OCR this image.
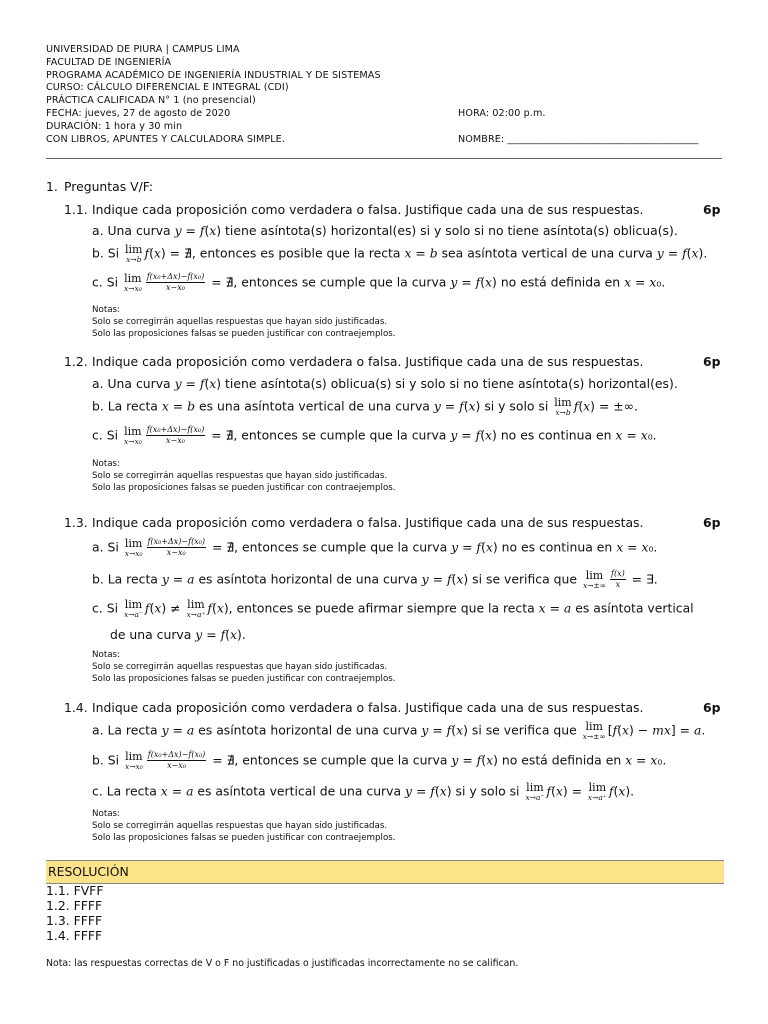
UNIVERSIDAD DE PIURA | CAMPUS LIMA
FACULTAD DE INGENIERÍA
PROGRAMA ACADÉMICO DE INGENIERÍA INDUSTRIAL Y DE SISTEMAS
CURSO: CÁLCULO DIFERENCIAL E INTEGRAL (CDI)
PRÁCTICA CALIFICADA N° 1 (no presencial)
FECHA: jueves, 27 de agosto de 2020	HORA: 02:00 p.m.
DURACIÓN: 1 hora y 30 min
CON LIBROS, APUNTES Y CALCULADORA SIMPLE.	NOMBRE: _______________________________________
1. Preguntas V/F:
1.1. Indique cada proposición como verdadera o falsa. Justifique cada una de sus respuestas.	6p
a. Una curva y = f(x) tiene asíntota(s) horizontal(es) si y solo si no tiene asíntota(s) oblicua(s).
b. Si lim
x→b f(x) = ∄, entonces es posible que la recta x = b sea asíntota vertical de una curva y = f(x).
c. Si lim
$x\to x_0 \frac{\text{f(x₀+Δx)−f(x₀)}}{\text{x−x₀}}$ = ∄, entonces se cumple que la curva y = f(x) no está definida en x = x₀.
Notas:
Solo se corregirrán aquellas respuestas que hayan sido justificadas.
Solo las proposiciones falsas se pueden justificar con contraejemplos.
1.2. Indique cada proposición como verdadera o falsa. Justifique cada una de sus respuestas.	6p
a. Una curva y = f(x) tiene asíntota(s) oblicua(s) si y solo si no tiene asíntota(s) horizontal(es).
b. La recta x = b es una asíntota vertical de una curva y = f(x) si y solo si lim
x→b f(x) = ±∞.
c. Si lim
$x\to x_0 \frac{\text{f(x₀+Δx)−f(x₀)}}{\text{x−x₀}}$ = ∄, entonces se cumple que la curva y = f(x) no es continua en x = x₀.
Notas:
Solo se corregirrán aquellas respuestas que hayan sido justificadas.
Solo las proposiciones falsas se pueden justificar con contraejemplos.
1.3. Indique cada proposición como verdadera o falsa. Justifique cada una de sus respuestas.	6p
a. Si lim
$x\to x_0 \frac{\text{f(x₀+Δx)−f(x₀)}}{\text{x−x₀}}$ = ∄, entonces se cumple que la curva y = f(x) no es continua en x = x₀.
b. La recta y = a es asíntota horizontal de una curva y = f(x) si se verifica que lim
$x\to\pm\infty \frac{f(x)}{x}$ = ∃.
c. Si lim
x→a⁻ f(x) ≠ lim
x→a⁺ f(x), entonces se puede afirmar siempre que la recta x = a es asíntota vertical
de una curva y = f(x).
Notas:
Solo se corregirrán aquellas respuestas que hayan sido justificadas.
Solo las proposiciones falsas se pueden justificar con contraejemplos.
1.4. Indique cada proposición como verdadera o falsa. Justifique cada una de sus respuestas.	6p
a. La recta y = a es asíntota horizontal de una curva y = f(x) si se verifica que lim
x→±∞ [f(x) − mx] = a.
b. Si lim
$x\to x_0 \frac{\text{f(x₀+Δx)−f(x₀)}}{\text{x−x₀}}$ = ∄, entonces se cumple que la curva y = f(x) no está definida en x = x₀.
c. La recta x = a es asíntota vertical de una curva y = f(x) si y solo si lim
x→a⁻ f(x) = lim
x→a⁺ f(x).
Notas:
Solo se corregirrán aquellas respuestas que hayan sido justificadas.
Solo las proposiciones falsas se pueden justificar con contraejemplos.
RESOLUCIÓN
1.1. FVFF
1.2. FFFF
1.3. FFFF
1.4. FFFF
Nota: las respuestas correctas de V o F no justificadas o justificadas incorrectamente no se califican.
